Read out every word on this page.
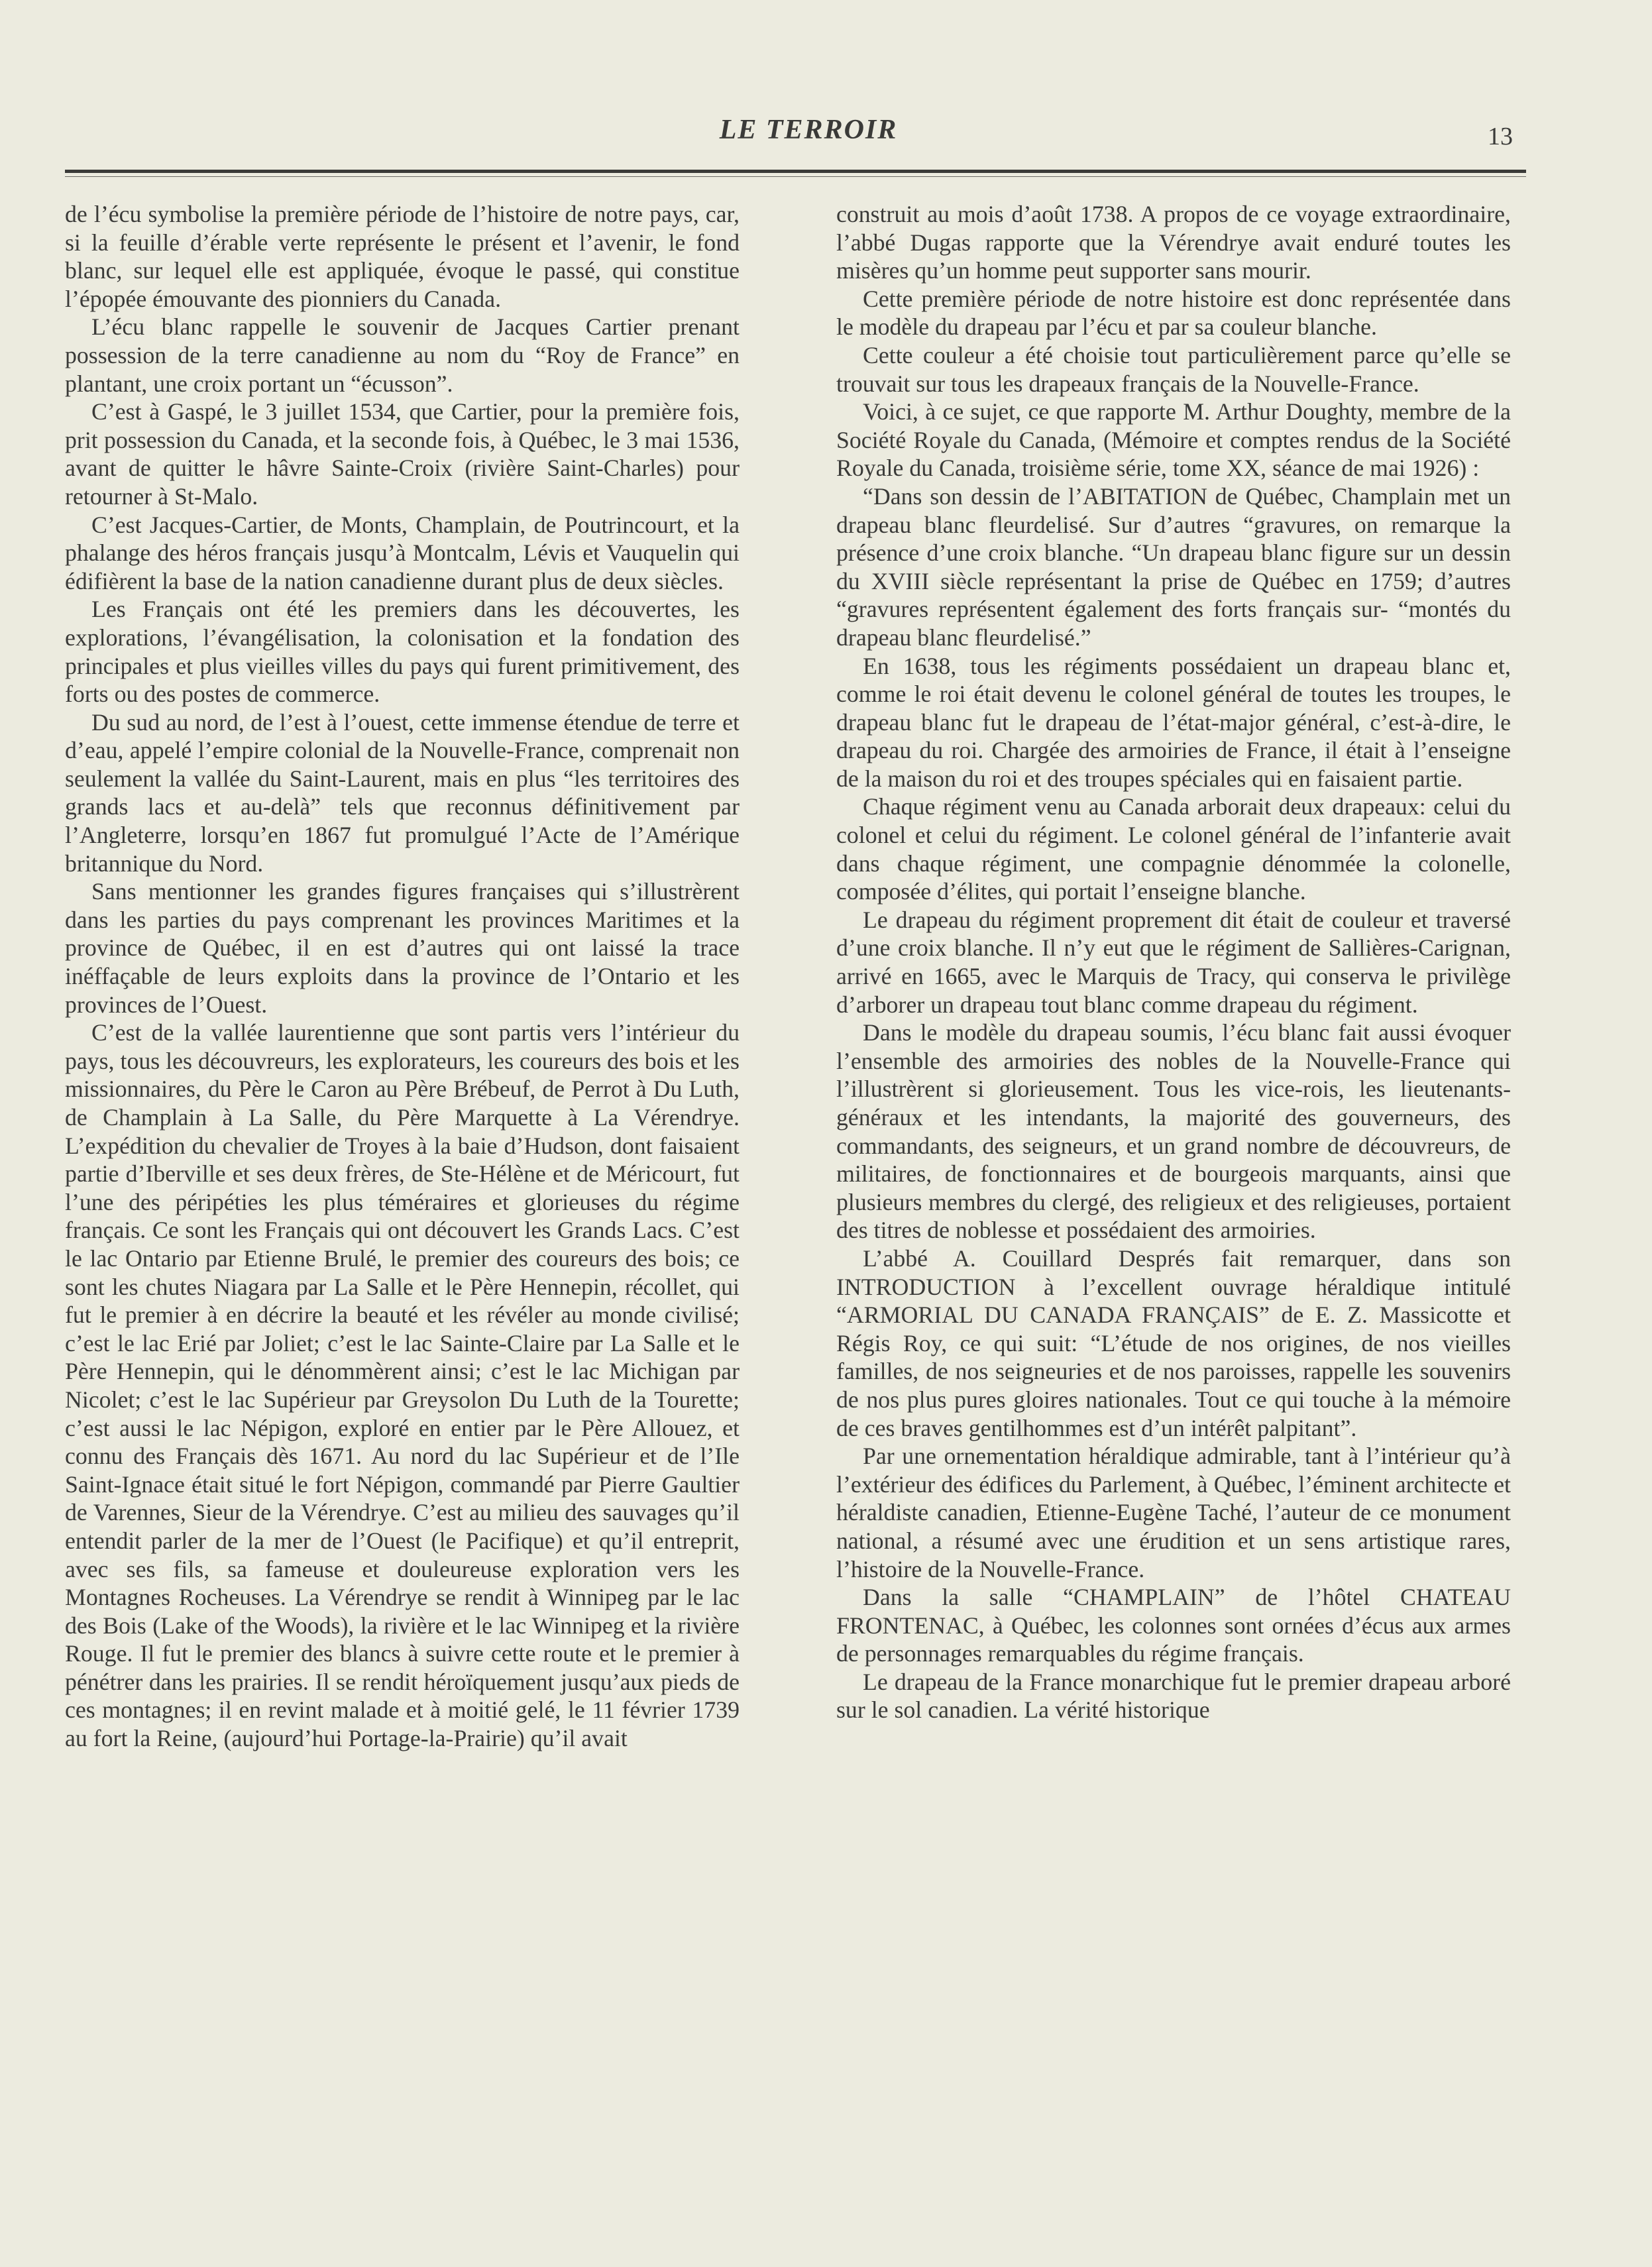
LE TERROIR	13

de l’écu symbolise la première période de l’histoire de notre pays, car, si la feuille d’érable verte représente le présent et l’avenir, le fond blanc, sur lequel elle est appliquée, évoque le passé, qui constitue l’épopée émouvante des pionniers du Canada.

L’écu blanc rappelle le souvenir de Jacques Cartier prenant possession de la terre canadienne au nom du “Roy de France” en plantant, une croix portant un “écusson”.

C’est à Gaspé, le 3 juillet 1534, que Cartier, pour la première fois, prit possession du Canada, et la seconde fois, à Québec, le 3 mai 1536, avant de quitter le hâvre Sainte-Croix (rivière Saint-Charles) pour retourner à St-Malo.

C’est Jacques-Cartier, de Monts, Champlain, de Poutrincourt, et la phalange des héros français jusqu’à Montcalm, Lévis et Vauquelin qui édifièrent la base de la nation canadienne durant plus de deux siècles.

Les Français ont été les premiers dans les découvertes, les explorations, l’évangélisation, la colonisation et la fondation des principales et plus vieilles villes du pays qui furent primitivement, des forts ou des postes de commerce.

Du sud au nord, de l’est à l’ouest, cette immense étendue de terre et d’eau, appelé l’empire colonial de la Nouvelle-France, comprenait non seulement la vallée du Saint-Laurent, mais en plus “les territoires des grands lacs et au-delà” tels que reconnus définitivement par l’Angleterre, lorsqu’en 1867 fut promulgué l’Acte de l’Amérique britannique du Nord.

Sans mentionner les grandes figures françaises qui s’illustrèrent dans les parties du pays comprenant les provinces Maritimes et la province de Québec, il en est d’autres qui ont laissé la trace inéffaçable de leurs exploits dans la province de l’Ontario et les provinces de l’Ouest.

C’est de la vallée laurentienne que sont partis vers l’intérieur du pays, tous les découvreurs, les explorateurs, les coureurs des bois et les missionnaires, du Père le Caron au Père Brébeuf, de Perrot à Du Luth, de Champlain à La Salle, du Père Marquette à La Vérendrye. L’expédition du chevalier de Troyes à la baie d’Hudson, dont faisaient partie d’Iberville et ses deux frères, de Ste-Hélène et de Méricourt, fut l’une des péripéties les plus téméraires et glorieuses du régime français. Ce sont les Français qui ont découvert les Grands Lacs. C’est le lac Ontario par Etienne Brulé, le premier des coureurs des bois; ce sont les chutes Niagara par La Salle et le Père Hennepin, récollet, qui fut le premier à en décrire la beauté et les révéler au monde civilisé; c’est le lac Erié par Joliet; c’est le lac Sainte-Claire par La Salle et le Père Hennepin, qui le dénommèrent ainsi; c’est le lac Michigan par Nicolet; c’est le lac Supérieur par Greysolon Du Luth de la Tourette; c’est aussi le lac Népigon, exploré en entier par le Père Allouez, et connu des Français dès 1671. Au nord du lac Supérieur et de l’Ile Saint-Ignace était situé le fort Népigon, commandé par Pierre Gaultier de Varennes, Sieur de la Vérendrye. C’est au milieu des sauvages qu’il entendit parler de la mer de l’Ouest (le Pacifique) et qu’il entreprit, avec ses fils, sa fameuse et douleureuse exploration vers les Montagnes Rocheuses. La Vérendrye se rendit à Winnipeg par le lac des Bois (Lake of the Woods), la rivière et le lac Winnipeg et la rivière Rouge. Il fut le premier des blancs à suivre cette route et le premier à pénétrer dans les prairies. Il se rendit héroïquement jusqu’aux pieds de ces montagnes; il en revint malade et à moitié gelé, le 11 février 1739 au fort la Reine, (aujourd’hui Portage-la-Prairie) qu’il avait

construit au mois d’août 1738. A propos de ce voyage extraordinaire, l’abbé Dugas rapporte que la Vérendrye avait enduré toutes les misères qu’un homme peut supporter sans mourir.

Cette première période de notre histoire est donc représentée dans le modèle du drapeau par l’écu et par sa couleur blanche.

Cette couleur a été choisie tout particulièrement parce qu’elle se trouvait sur tous les drapeaux français de la Nouvelle-France.

Voici, à ce sujet, ce que rapporte M. Arthur Doughty, membre de la Société Royale du Canada, (Mémoire et comptes rendus de la Société Royale du Canada, troisième série, tome XX, séance de mai 1926) :

“Dans son dessin de l’ABITATION de Québec, Champlain met un drapeau blanc fleurdelisé. Sur d’autres “gravures, on remarque la présence d’une croix blanche. “Un drapeau blanc figure sur un dessin du XVIII siècle représentant la prise de Québec en 1759; d’autres “gravures représentent également des forts français sur- “montés du drapeau blanc fleurdelisé.”

En 1638, tous les régiments possédaient un drapeau blanc et, comme le roi était devenu le colonel général de toutes les troupes, le drapeau blanc fut le drapeau de l’état-major général, c’est-à-dire, le drapeau du roi. Chargée des armoiries de France, il était à l’enseigne de la maison du roi et des troupes spéciales qui en faisaient partie.

Chaque régiment venu au Canada arborait deux drapeaux: celui du colonel et celui du régiment. Le colonel général de l’infanterie avait dans chaque régiment, une compagnie dénommée la colonelle, composée d’élites, qui portait l’enseigne blanche.

Le drapeau du régiment proprement dit était de couleur et traversé d’une croix blanche. Il n’y eut que le régiment de Sallières-Carignan, arrivé en 1665, avec le Marquis de Tracy, qui conserva le privilège d’arborer un drapeau tout blanc comme drapeau du régiment.

Dans le modèle du drapeau soumis, l’écu blanc fait aussi évoquer l’ensemble des armoiries des nobles de la Nouvelle-France qui l’illustrèrent si glorieusement. Tous les vice-rois, les lieutenants-généraux et les intendants, la majorité des gouverneurs, des commandants, des seigneurs, et un grand nombre de découvreurs, de militaires, de fonctionnaires et de bourgeois marquants, ainsi que plusieurs membres du clergé, des religieux et des religieuses, portaient des titres de noblesse et possédaient des armoiries.

L’abbé A. Couillard Després fait remarquer, dans son INTRODUCTION à l’excellent ouvrage héraldique intitulé “ARMORIAL DU CANADA FRANÇAIS” de E. Z. Massicotte et Régis Roy, ce qui suit: “L’étude de nos origines, de nos vieilles familles, de nos seigneuries et de nos paroisses, rappelle les souvenirs de nos plus pures gloires nationales. Tout ce qui touche à la mémoire de ces braves gentilhommes est d’un intérêt palpitant”.

Par une ornementation héraldique admirable, tant à l’intérieur qu’à l’extérieur des édifices du Parlement, à Québec, l’éminent architecte et héraldiste canadien, Etienne-Eugène Taché, l’auteur de ce monument national, a résumé avec une érudition et un sens artistique rares, l’histoire de la Nouvelle-France.

Dans la salle “CHAMPLAIN” de l’hôtel CHATEAU FRONTENAC, à Québec, les colonnes sont ornées d’écus aux armes de personnages remarquables du régime français.

Le drapeau de la France monarchique fut le premier drapeau arboré sur le sol canadien. La vérité historique
